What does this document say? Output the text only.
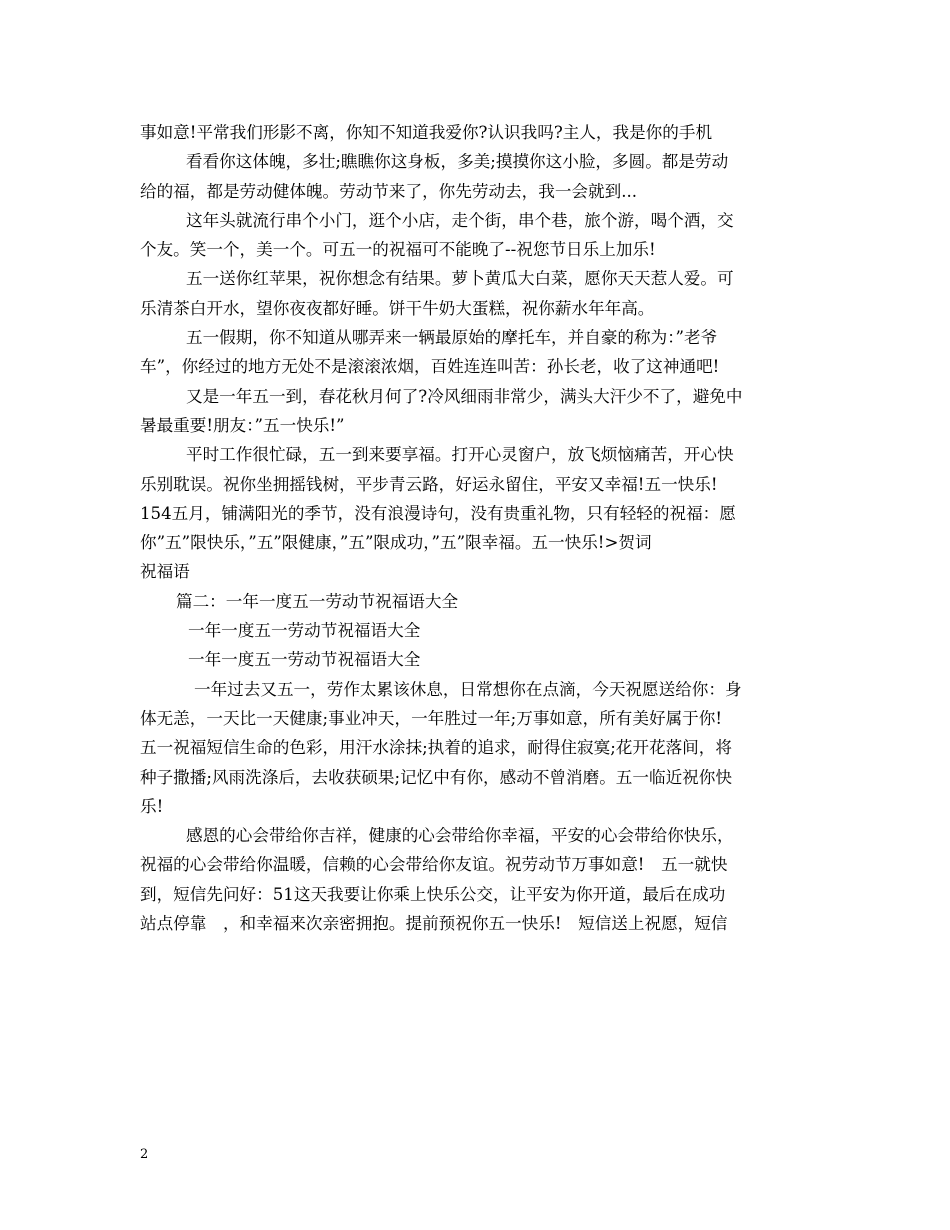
事如意!平常我们形影不离，你知不知道我爱你?认识我吗?主人，我是你的手机
看看你这体魄，多壮;瞧瞧你这身板，多美;摸摸你这小脸，多圆。都是劳动
给的福，都是劳动健体魄。劳动节来了，你先劳动去，我一会就到...
这年头就流行串个小门，逛个小店，走个街，串个巷，旅个游，喝个酒，交
个友。笑一个，美一个。可五一的祝福可不能晚了--祝您节日乐上加乐!
五一送你红苹果，祝你想念有结果。萝卜黄瓜大白菜，愿你天天惹人爱。可
乐清茶白开水，望你夜夜都好睡。饼干牛奶大蛋糕，祝你薪水年年高。
五一假期，你不知道从哪弄来一辆最原始的摩托车，并自豪的称为：”老爷
车”，你经过的地方无处不是滚滚浓烟，百姓连连叫苦：孙长老，收了这神通吧!
又是一年五一到，春花秋月何了?冷风细雨非常少，满头大汗少不了，避免中
暑最重要!朋友：”五一快乐!”
平时工作很忙碌，五一到来要享福。打开心灵窗户，放飞烦恼痛苦，开心快
乐别耽误。祝你坐拥摇钱树，平步青云路，好运永留住，平安又幸福!五一快乐!
154五月，铺满阳光的季节，没有浪漫诗句，没有贵重礼物，只有轻轻的祝福：愿
你”五”限快乐，”五”限健康，”五”限成功，”五”限幸福。五一快乐!>贺词
祝福语
篇二：一年一度五一劳动节祝福语大全
一年一度五一劳动节祝福语大全
一年一度五一劳动节祝福语大全
一年过去又五一，劳作太累该休息，日常想你在点滴，今天祝愿送给你：身
体无恙，一天比一天健康;事业冲天，一年胜过一年;万事如意，所有美好属于你!
五一祝福短信生命的色彩，用汗水涂抹;执着的追求，耐得住寂寞;花开花落间，将
种子撒播;风雨洗涤后，去收获硕果;记忆中有你，感动不曾消磨。五一临近祝你快
乐!
感恩的心会带给你吉祥，健康的心会带给你幸福，平安的心会带给你快乐，
祝福的心会带给你温暖，信赖的心会带给你友谊。祝劳动节万事如意!　五一就快
到，短信先问好：51这天我要让你乘上快乐公交，让平安为你开道，最后在成功
站点停靠　，和幸福来次亲密拥抱。提前预祝你五一快乐!　短信送上祝愿，短信
2
